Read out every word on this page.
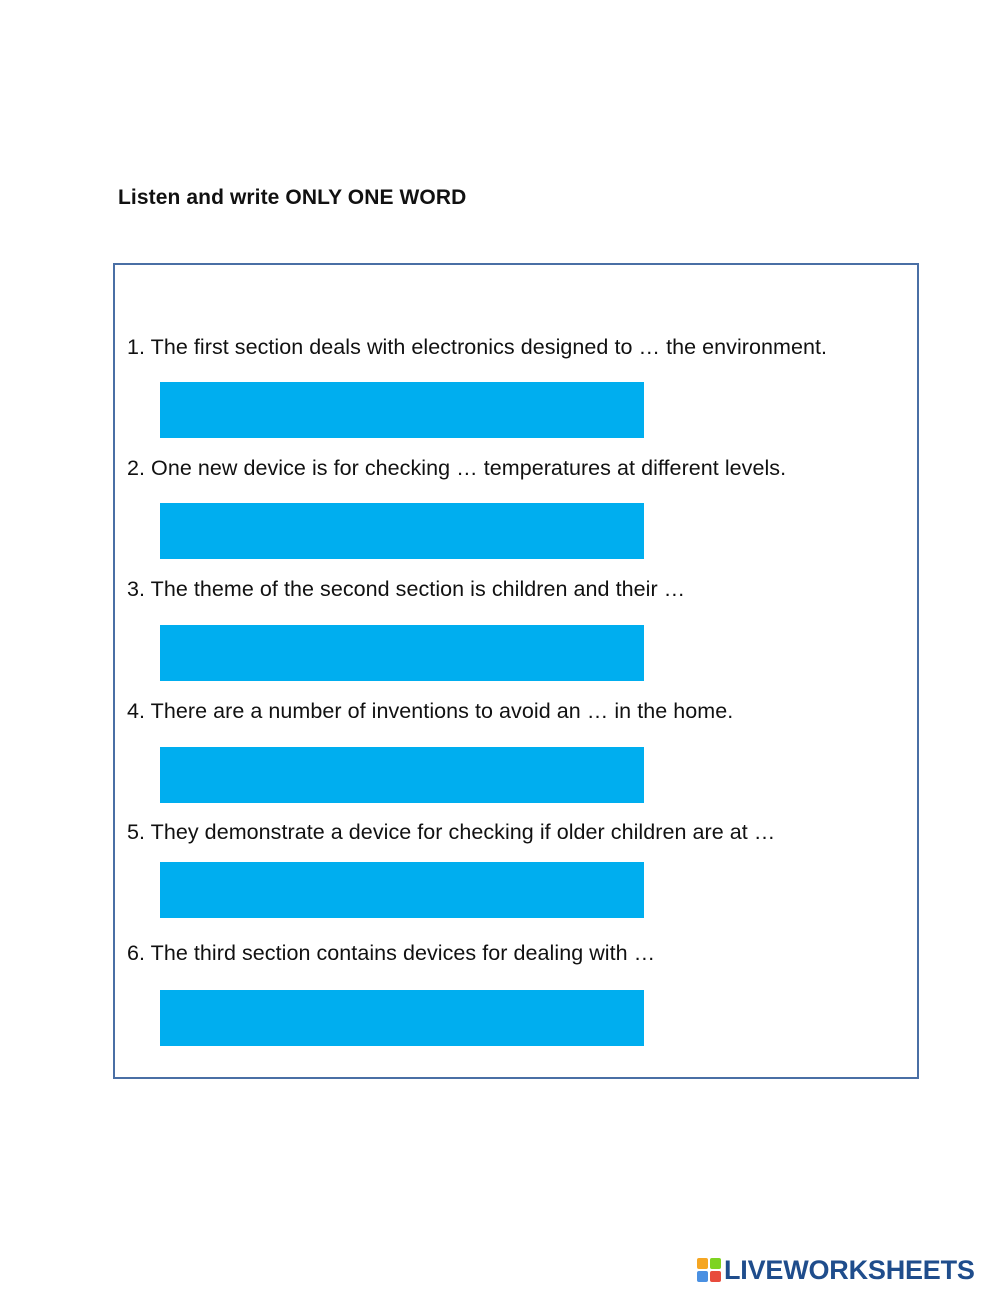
Listen and write ONLY ONE WORD
1. The first section deals with electronics designed to … the environment.
2. One new device is for checking … temperatures at different levels.
3. The theme of the second section is children and their …
4. There are a number of inventions to avoid an … in the home.
5. They demonstrate a device for checking if older children are at …
6. The third section contains devices for dealing with …
LIVEWORKSHEETS
